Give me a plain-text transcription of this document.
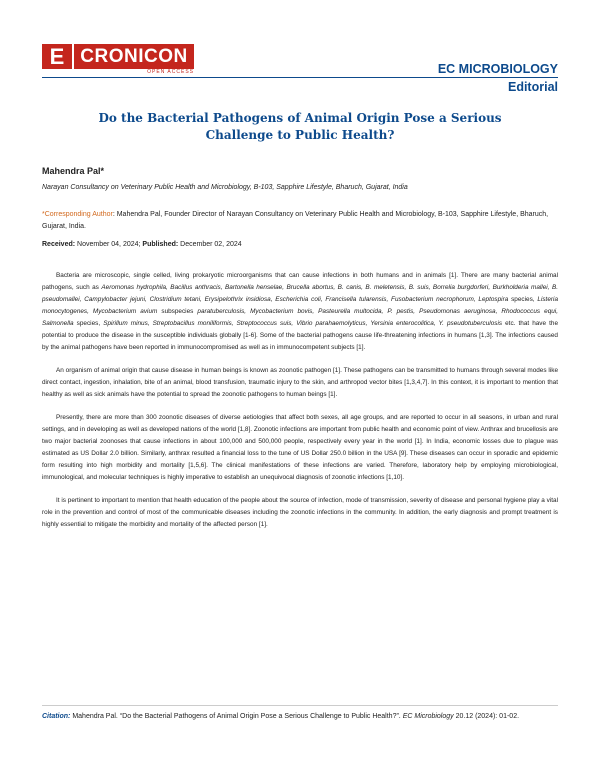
E CRONICON
OPEN ACCESS	EC MICROBIOLOGY
Editorial
Do the Bacterial Pathogens of Animal Origin Pose a Serious Challenge to Public Health?
Mahendra Pal*
Narayan Consultancy on Veterinary Public Health and Microbiology, B-103, Sapphire Lifestyle, Bharuch, Gujarat, India
*Corresponding Author: Mahendra Pal, Founder Director of Narayan Consultancy on Veterinary Public Health and Microbiology, B-103, Sapphire Lifestyle, Bharuch, Gujarat, India.
Received: November 04, 2024; Published: December 02, 2024

Bacteria are microscopic, single celled, living prokaryotic microorganisms that can cause infections in both humans and in animals [1]. There are many bacterial animal pathogens, such as Aeromonas hydrophila, Bacillus anthracis, Bartonella henselae, Brucella abortus, B. canis, B. meletensis, B. suis, Borrelia burgdorferi, Burkholderia mallei, B. pseudomallei, Campylobacter jejuni, Clostridium tetani, Erysipelothrix insidiosa, Escherichia coli, Francisella tularensis, Fusobacterium necrophorum, Leptospira species, Listeria monocytogenes, Mycobacterium avium subspecies paratuberculosis, Mycobacterium bovis, Pasteurella multocida, P. pestis, Pseudomonas aeruginosa, Rhodococcus equi, Salmonella species, Spirillum minus, Streptobacillus moniliformis, Streptococcus suis, Vibrio parahaemolyticus, Yersinia enterocolitica, Y. pseudotuberculosis etc. that have the potential to produce the disease in the susceptible individuals globally [1-6]. Some of the bacterial pathogens cause life-threatening infections in humans [1,3]. The infections caused by the animal pathogens have been reported in immunocompromised as well as in immunocompetent subjects [1].

An organism of animal origin that cause disease in human beings is known as zoonotic pathogen [1]. These pathogens can be transmitted to humans through several modes like direct contact, ingestion, inhalation, bite of an animal, blood transfusion, traumatic injury to the skin, and arthropod vector bites [1,3,4,7]. In this context, it is important to mention that healthy as well as sick animals have the potential to spread the zoonotic pathogens to human beings [1].

Presently, there are more than 300 zoonotic diseases of diverse aetiologies that affect both sexes, all age groups, and are reported to occur in all seasons, in urban and rural settings, and in developing as well as developed nations of the world [1,8]. Zoonotic infections are important from public health and economic point of view. Anthrax and brucellosis are two major bacterial zoonoses that cause infections in about 100,000 and 500,000 people, respectively every year in the world [1]. In India, economic losses due to plague was estimated as US Dollar 2.0 billion. Similarly, anthrax resulted a financial loss to the tune of US Dollar 250.0 billion in the USA [9]. These diseases can occur in sporadic and epidemic form resulting into high morbidity and mortality [1,5,6]. The clinical manifestations of these infections are varied. Therefore, laboratory help by employing microbiological, immunological, and molecular techniques is highly imperative to establish an unequivocal diagnosis of zoonotic infections [1,10].

It is pertinent to important to mention that health education of the people about the source of infection, mode of transmission, severity of disease and personal hygiene play a vital role in the prevention and control of most of the communicable diseases including the zoonotic infections in the community. In addition, the early diagnosis and prompt treatment is highly essential to mitigate the morbidity and mortality of the affected person [1].

Citation: Mahendra Pal. “Do the Bacterial Pathogens of Animal Origin Pose a Serious Challenge to Public Health?”. EC Microbiology 20.12 (2024): 01-02.
